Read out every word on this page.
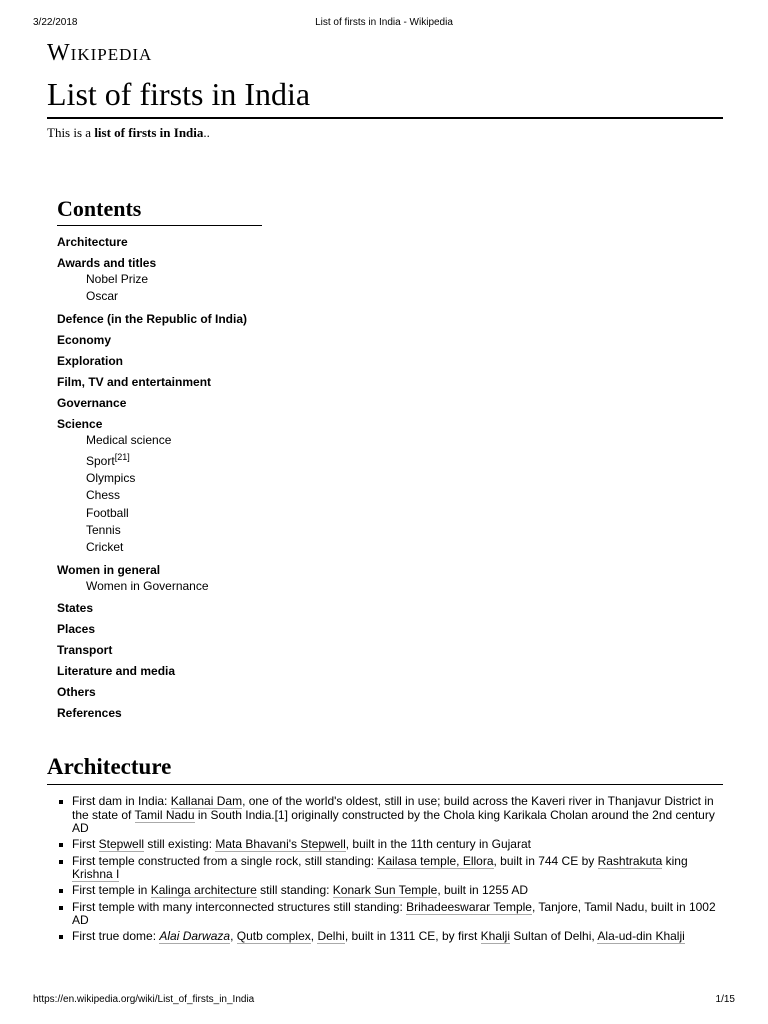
3/22/2018	List of firsts in India - Wikipedia
Wikipedia
List of firsts in India
This is a list of firsts in India..
Contents
Architecture
Awards and titles
Nobel Prize
Oscar
Defence (in the Republic of India)
Economy
Exploration
Film, TV and entertainment
Governance
Science
Medical science
Sport[21]
Olympics
Chess
Football
Tennis
Cricket
Women in general
Women in Governance
States
Places
Transport
Literature and media
Others
References
Architecture
First dam in India: Kallanai Dam, one of the world's oldest, still in use; build across the Kaveri river in Thanjavur District in the state of Tamil Nadu in South India.[1] originally constructed by the Chola king Karikala Cholan around the 2nd century AD
First Stepwell still existing: Mata Bhavani's Stepwell, built in the 11th century in Gujarat
First temple constructed from a single rock, still standing: Kailasa temple, Ellora, built in 744 CE by Rashtrakuta king Krishna I
First temple in Kalinga architecture still standing: Konark Sun Temple, built in 1255 AD
First temple with many interconnected structures still standing: Brihadeeswarar Temple, Tanjore, Tamil Nadu, built in 1002 AD
First true dome: Alai Darwaza, Qutb complex, Delhi, built in 1311 CE, by first Khalji Sultan of Delhi, Ala-ud-din Khalji
https://en.wikipedia.org/wiki/List_of_firsts_in_India	1/15
